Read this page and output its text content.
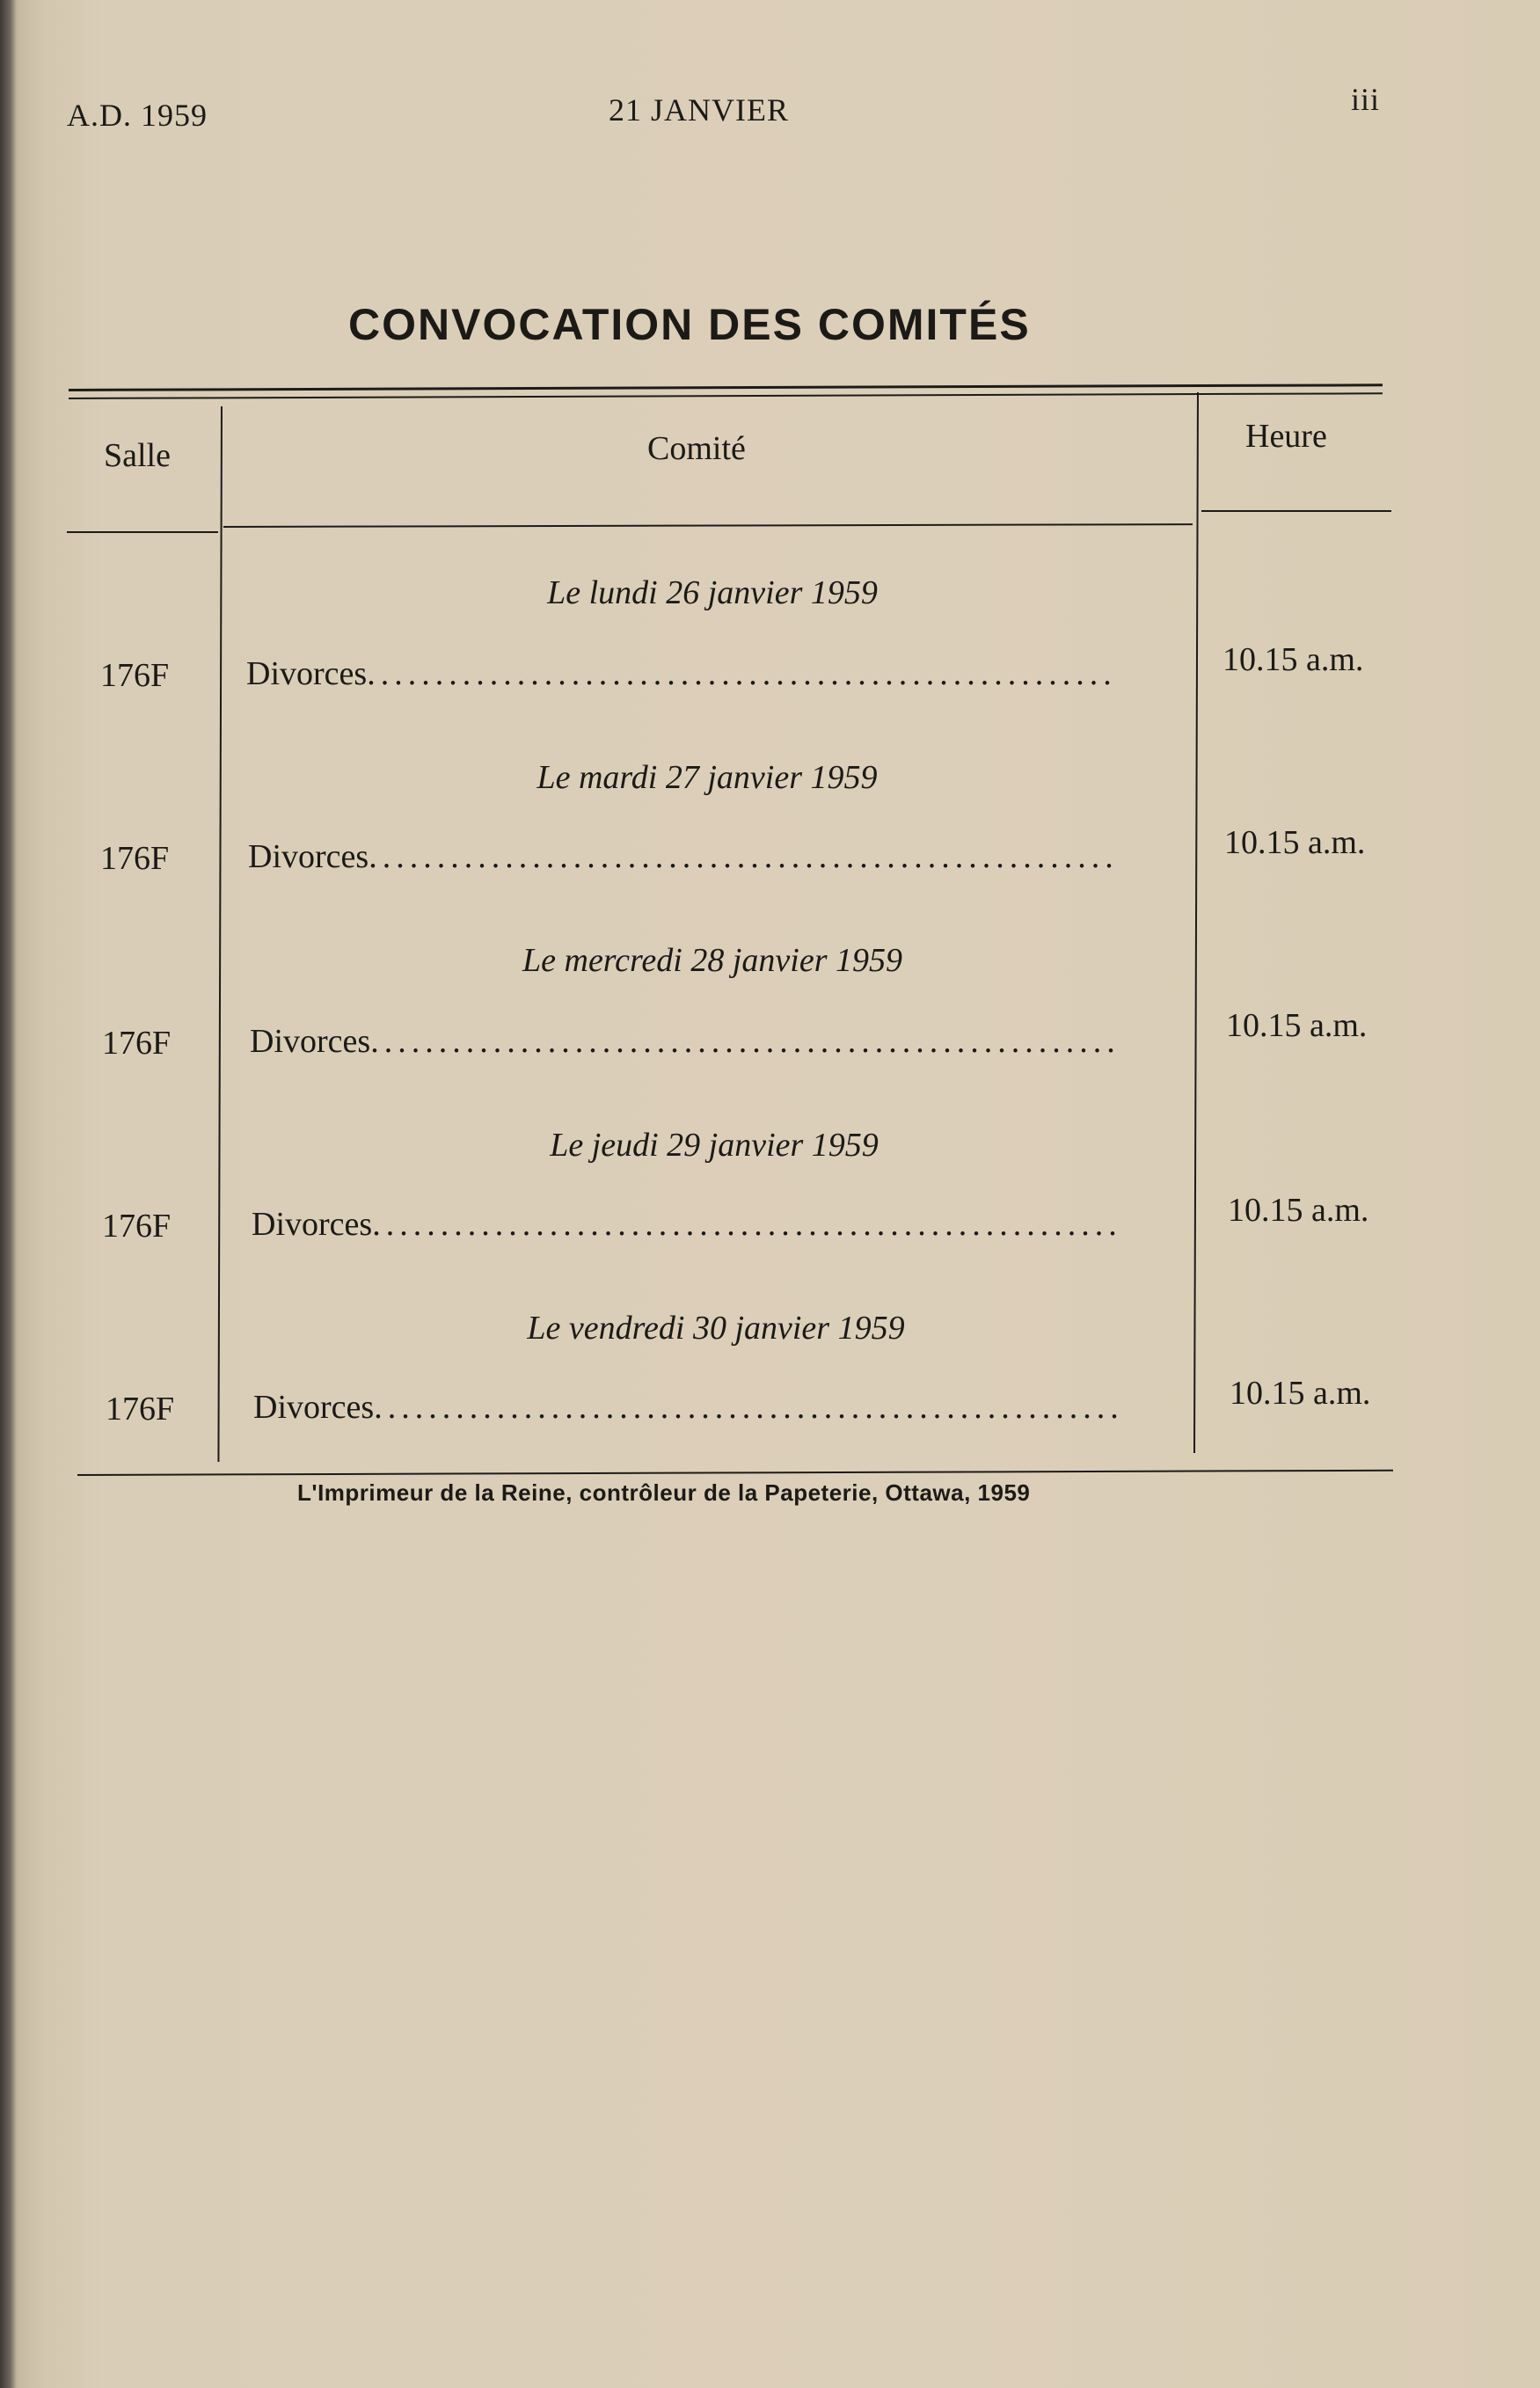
A.D. 1959	21 JANVIER	iii
CONVOCATION DES COMITÉS
Salle	Comité	Heure
Le lundi 26 janvier 1959
176F Divorces.......................................................	10.15 a.m.
Le mardi 27 janvier 1959
176F Divorces.......................................................	10.15 a.m.
Le mercredi 28 janvier 1959
176F Divorces.......................................................	10.15 a.m.
Le jeudi 29 janvier 1959
176F Divorces.......................................................	10.15 a.m.
Le vendredi 30 janvier 1959
176F Divorces.......................................................	10.15 a.m.
L'Imprimeur de la Reine, contrôleur de la Papeterie, Ottawa, 1959
